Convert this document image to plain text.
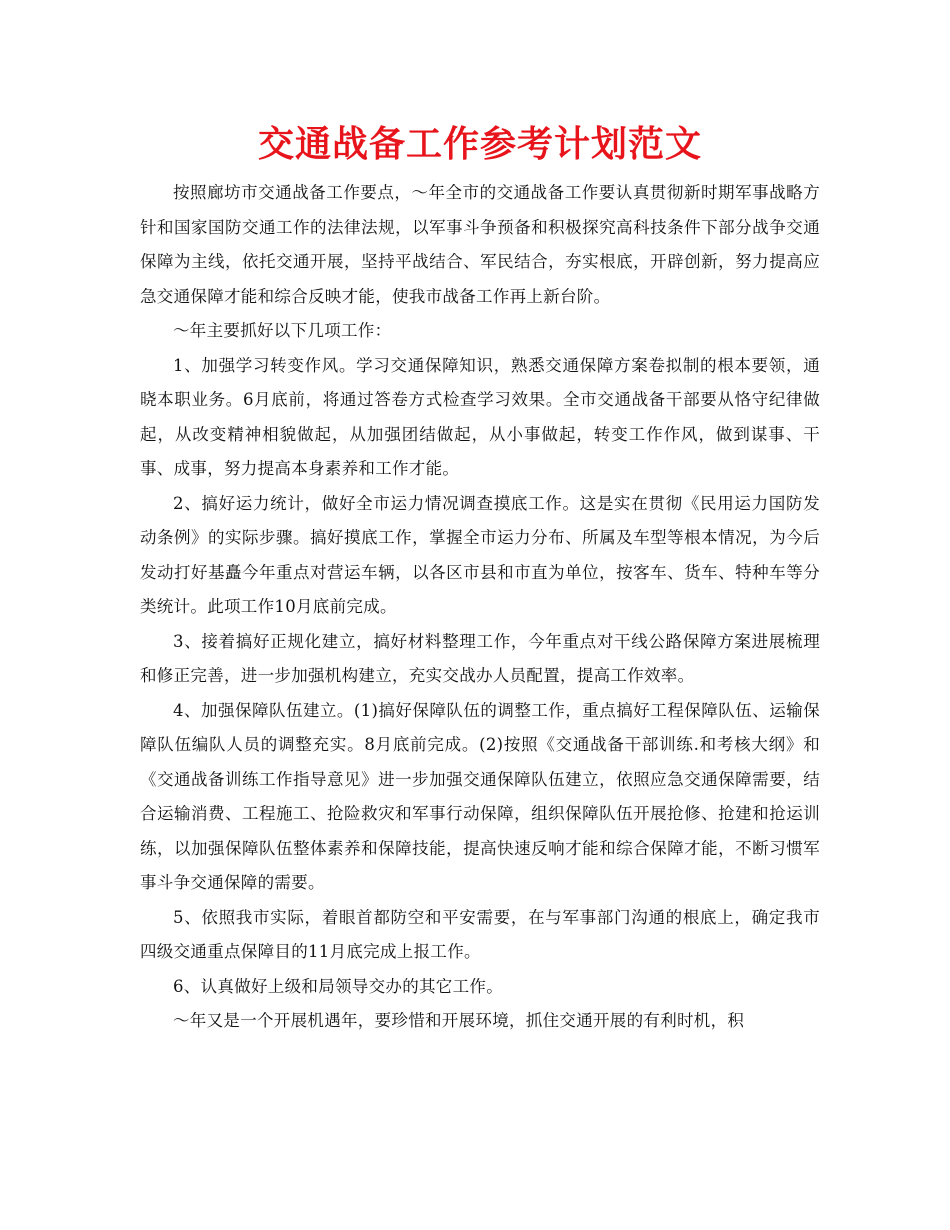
交通战备工作参考计划范文

按照廊坊市交通战备工作要点，～年全市的交通战备工作要认真贯彻新时期军事战略方针和国家国防交通工作的法律法规，以军事斗争预备和积极探究高科技条件下部分战争交通保障为主线，依托交通开展，坚持平战结合、军民结合，夯实根底，开辟创新，努力提高应急交通保障才能和综合反映才能，使我市战备工作再上新台阶。

～年主要抓好以下几项工作：

1、加强学习转变作风。学习交通保障知识，熟悉交通保障方案卷拟制的根本要领，通晓本职业务。6月底前，将通过答卷方式检查学习效果。全市交通战备干部要从恪守纪律做起，从改变精神相貌做起，从加强团结做起，从小事做起，转变工作作风，做到谋事、干事、成事，努力提高本身素养和工作才能。

2、搞好运力统计，做好全市运力情况调查摸底工作。这是实在贯彻《民用运力国防发动条例》的实际步骤。搞好摸底工作，掌握全市运力分布、所属及车型等根本情况，为今后发动打好基矗今年重点对营运车辆，以各区市县和市直为单位，按客车、货车、特种车等分类统计。此项工作10月底前完成。

3、接着搞好正规化建立，搞好材料整理工作，今年重点对干线公路保障方案进展梳理和修正完善，进一步加强机构建立，充实交战办人员配置，提高工作效率。

4、加强保障队伍建立。(1)搞好保障队伍的调整工作，重点搞好工程保障队伍、运输保障队伍编队人员的调整充实。8月底前完成。(2)按照《交通战备干部训练.和考核大纲》和《交通战备训练工作指导意见》进一步加强交通保障队伍建立，依照应急交通保障需要，结合运输消费、工程施工、抢险救灾和军事行动保障，组织保障队伍开展抢修、抢建和抢运训练，以加强保障队伍整体素养和保障技能，提高快速反响才能和综合保障才能，不断习惯军事斗争交通保障的需要。

5、依照我市实际，着眼首都防空和平安需要，在与军事部门沟通的根底上，确定我市四级交通重点保障目的11月底完成上报工作。

6、认真做好上级和局领导交办的其它工作。

～年又是一个开展机遇年，要珍惜和开展环境，抓住交通开展的有利时机，积
